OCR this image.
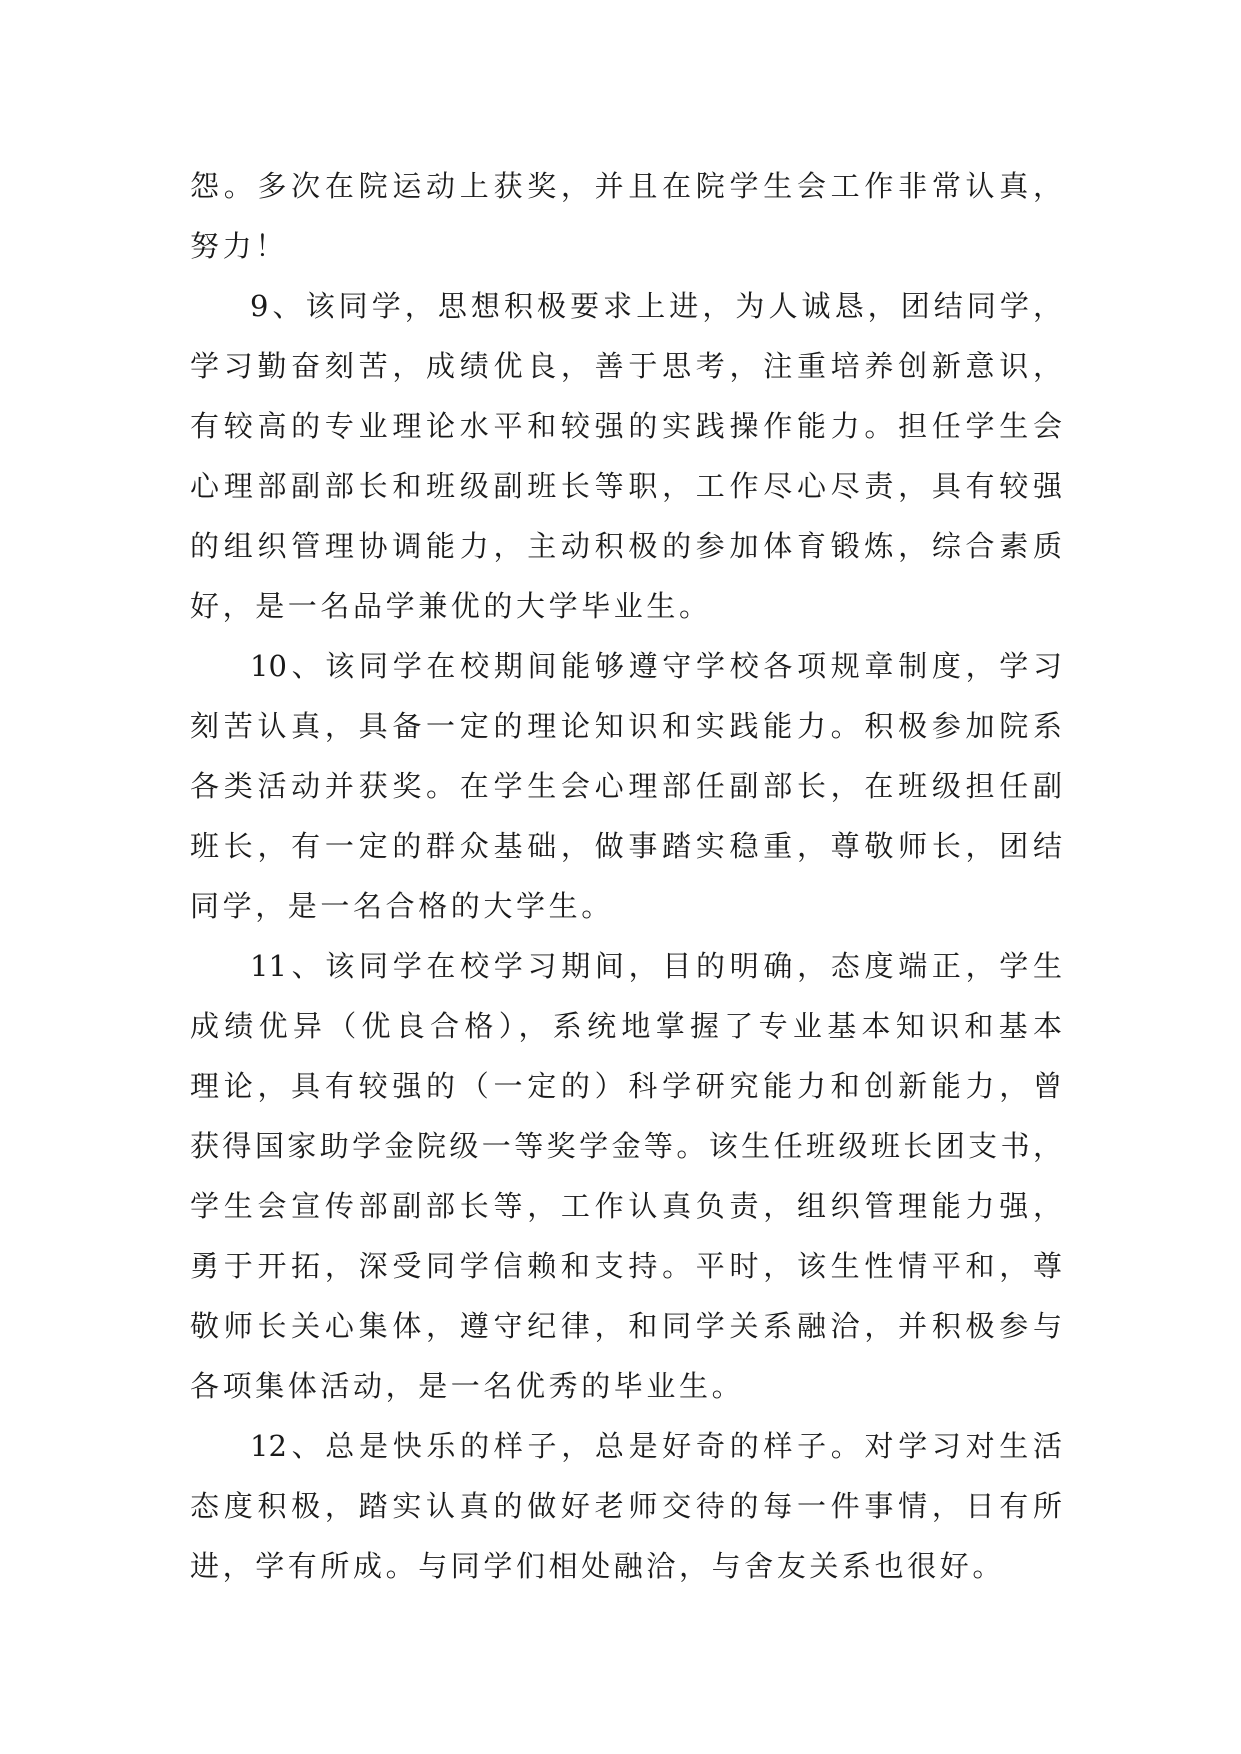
怨。多次在院运动上获奖，并且在院学生会工作非常认真，
努力！
9、该同学，思想积极要求上进，为人诚恳，团结同学，
学习勤奋刻苦，成绩优良，善于思考，注重培养创新意识，
有较高的专业理论水平和较强的实践操作能力。担任学生会
心理部副部长和班级副班长等职，工作尽心尽责，具有较强
的组织管理协调能力，主动积极的参加体育锻炼，综合素质
好，是一名品学兼优的大学毕业生。
10、该同学在校期间能够遵守学校各项规章制度，学习
刻苦认真，具备一定的理论知识和实践能力。积极参加院系
各类活动并获奖。在学生会心理部任副部长，在班级担任副
班长，有一定的群众基础，做事踏实稳重，尊敬师长，团结
同学，是一名合格的大学生。
11、该同学在校学习期间，目的明确，态度端正，学生
成绩优异（优良合格），系统地掌握了专业基本知识和基本
理论，具有较强的（一定的）科学研究能力和创新能力，曾
获得国家助学金院级一等奖学金等。该生任班级班长团支书，
学生会宣传部副部长等，工作认真负责，组织管理能力强，
勇于开拓，深受同学信赖和支持。平时，该生性情平和，尊
敬师长关心集体，遵守纪律，和同学关系融洽，并积极参与
各项集体活动，是一名优秀的毕业生。
12、总是快乐的样子，总是好奇的样子。对学习对生活
态度积极，踏实认真的做好老师交待的每一件事情，日有所
进，学有所成。与同学们相处融洽，与舍友关系也很好。
